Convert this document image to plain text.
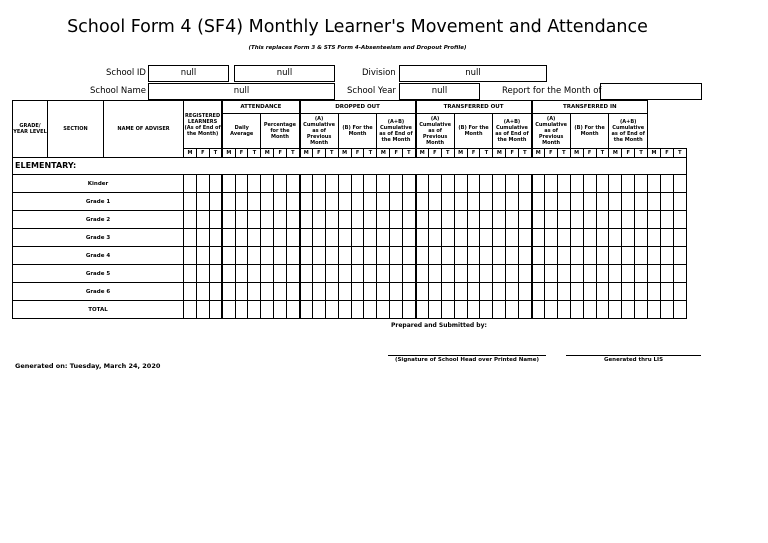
School Form 4 (SF4) Monthly Learner's Movement and Attendance
(This replaces Form 3 & STS Form 4-Absenteeism and Dropout Profile)
School ID	null	null	Division	null
School Name	null	School Year	null	Report for the Month of
GRADE/ YEAR LEVEL	SECTION	NAME OF ADVISER	REGISTERED LEARNERS (As of End of the Month)			ATTENDANCE						DROPPED OUT									TRANSFERRED OUT									TRANSFERRED IN											
						Daily Average			Percentage for the Month			(A) Cumulative as of Previous Month			(B) For the Month			(A+B) Cumulative as of End of the Month			(A) Cumulative as of Previous Month			(B) For the Month			(A+B) Cumulative as of End of the Month			(A) Cumulative as of Previous Month			(B) For the Month			(A+B) Cumulative as of End of the Month					
			M	F	T	M	F	T	M	F	T	M	F	T	M	F	T	M	F	T	M	F	T	M	F	T	M	F	T	M	F	T	M	F	T	M	F	T	M	F	T
ELEMENTARY:																																									
Kinder																																									
Grade 1																																									
Grade 2																																									
Grade 3																																									
Grade 4																																									
Grade 5																																									
Grade 6																																									
TOTAL																																									
Prepared and Submitted by:
(Signature of School Head over Printed Name)	Generated thru LIS
Generated on: Tuesday, March 24, 2020
